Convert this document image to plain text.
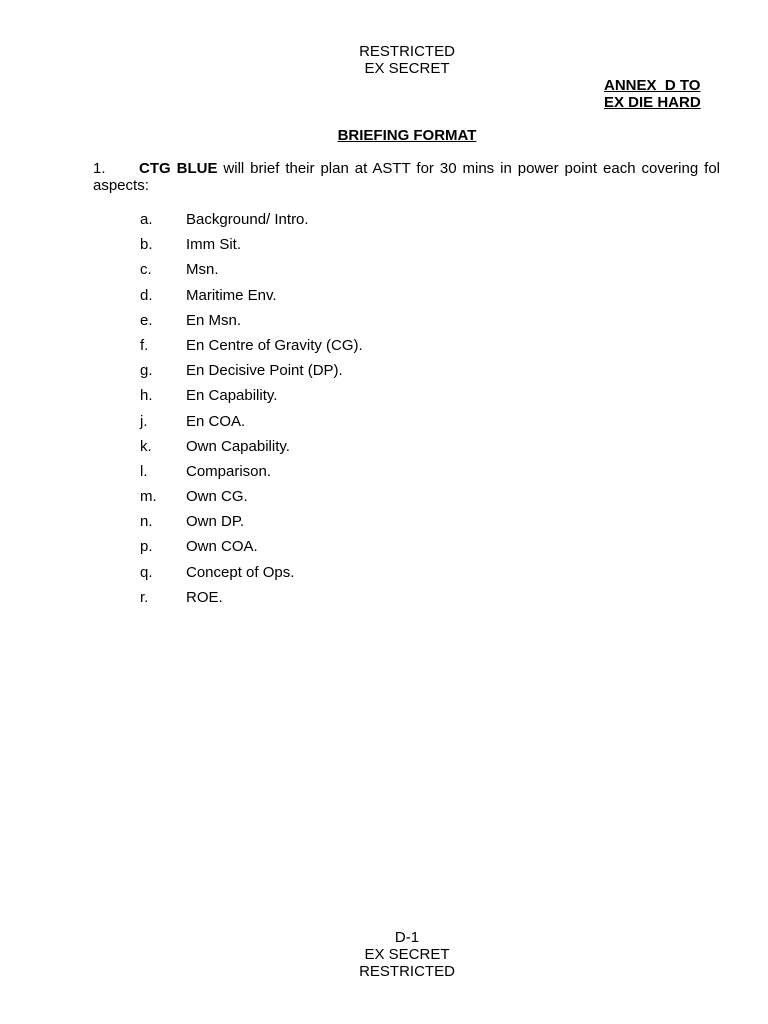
RESTRICTED
EX SECRET
ANNEX  D TO
EX DIE HARD
BRIEFING FORMAT
1. CTG BLUE will brief their plan at ASTT for 30 mins in power point each covering fol aspects:
a. Background/ Intro.
b. Imm Sit.
c. Msn.
d. Maritime Env.
e. En Msn.
f.	En Centre of Gravity (CG).
g. En Decisive Point (DP).
h. En Capability.
j.	En COA.
k. Own Capability.
l.	Comparison.
m. Own CG.
n. Own DP.
p. Own COA.
q. Concept of Ops.
r.	ROE.
D-1
EX SECRET
RESTRICTED
